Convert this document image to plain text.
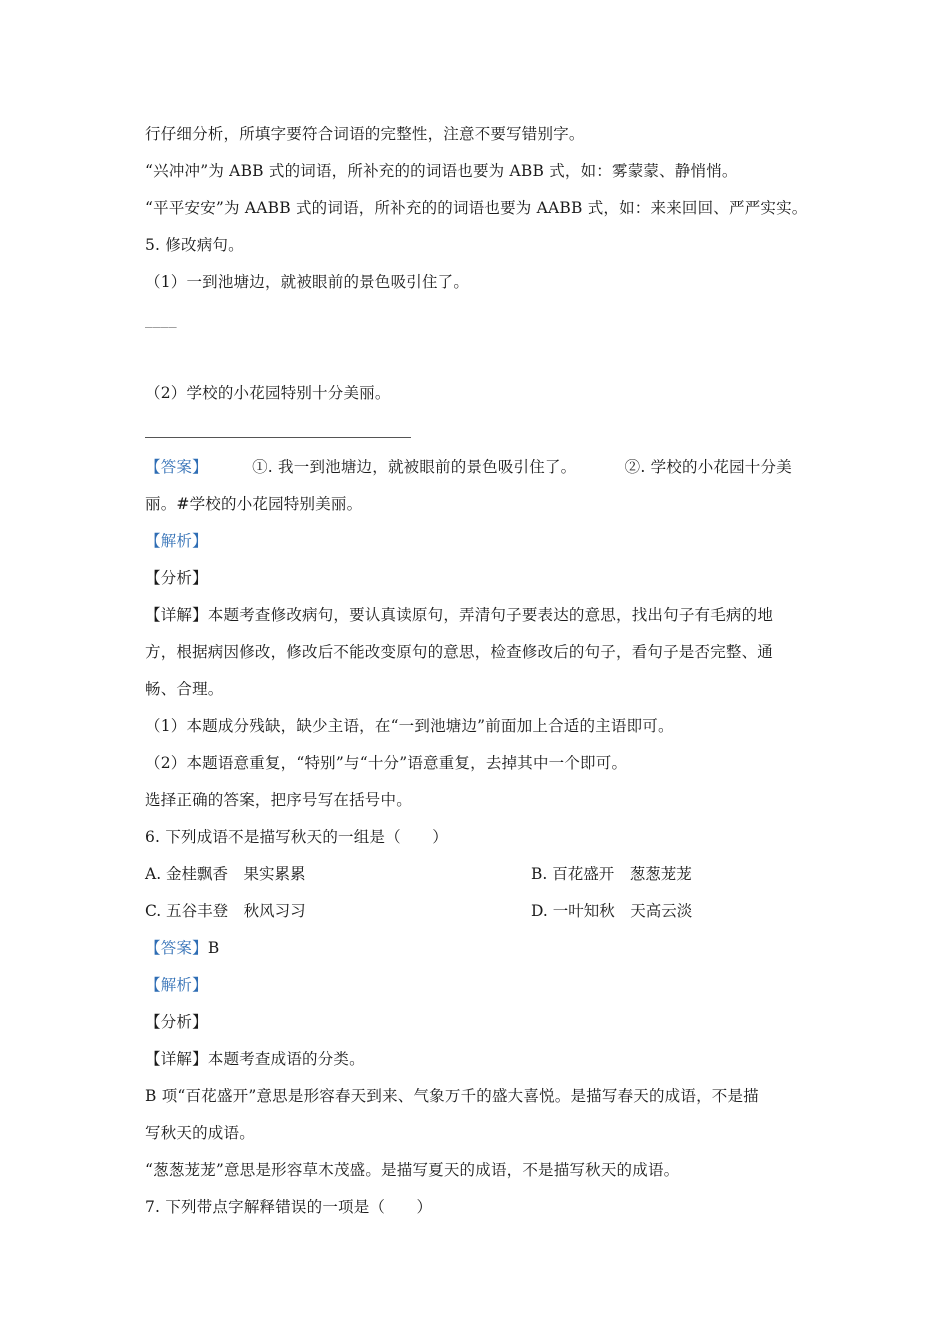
行仔细分析，所填字要符合词语的完整性，注意不要写错别字。
“兴冲冲”为 ABB 式的词语，所补充的的词语也要为 ABB 式，如：雾蒙蒙、静悄悄。
“平平安安”为 AABB 式的词语，所补充的的词语也要为 AABB 式，如：来来回回、严严实实。
5. 修改病句。
（1）一到池塘边，就被眼前的景色吸引住了。
____
（2）学校的小花园特别十分美丽。
【答案】	①. 我一到池塘边，就被眼前的景色吸引住了。	②. 学校的小花园十分美
丽。#学校的小花园特别美丽。
【解析】
【分析】
【详解】本题考查修改病句，要认真读原句，弄清句子要表达的意思，找出句子有毛病的地
方，根据病因修改，修改后不能改变原句的意思，检查修改后的句子，看句子是否完整、通
畅、合理。
（1）本题成分残缺，缺少主语，在“一到池塘边”前面加上合适的主语即可。
（2）本题语意重复，“特别”与“十分”语意重复，去掉其中一个即可。
选择正确的答案，把序号写在括号中。
6. 下列成语不是描写秋天的一组是（　　）
A. 金桂飘香　果实累累	B. 百花盛开　葱葱茏茏
C. 五谷丰登　秋风习习	D. 一叶知秋　天高云淡
【答案】B
【解析】
【分析】
【详解】本题考查成语的分类。
B 项“百花盛开”意思是形容春天到来、气象万千的盛大喜悦。是描写春天的成语，不是描
写秋天的成语。
“葱葱茏茏”意思是形容草木茂盛。是描写夏天的成语，不是描写秋天的成语。
7. 下列带点字解释错误的一项是（　　）
